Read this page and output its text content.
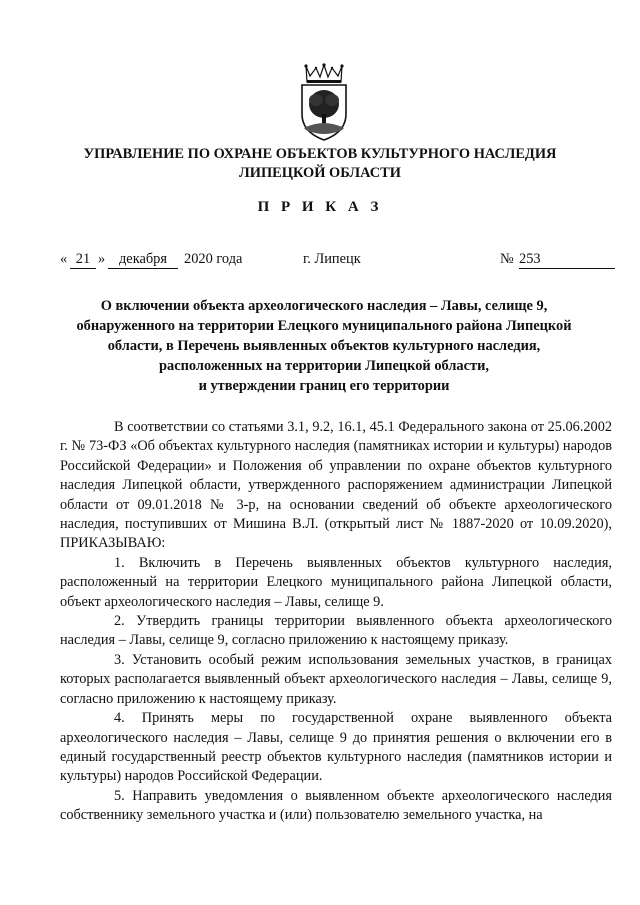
УПРАВЛЕНИЕ ПО ОХРАНЕ ОБЪЕКТОВ КУЛЬТУРНОГО НАСЛЕДИЯ
ЛИПЕЦКОЙ ОБЛАСТИ
П Р И К А З
« 21 » декабря	2020 года	г. Липецк	№ 253
О включении объекта археологического наследия – Лавы, селище 9,
обнаруженного на территории Елецкого муниципального района Липецкой
области, в Перечень выявленных объектов культурного наследия,
расположенных на территории Липецкой области,
и утверждении границ его территории

В соответствии со статьями 3.1, 9.2, 16.1, 45.1 Федерального закона от 25.06.2002 г. № 73-ФЗ «Об объектах культурного наследия (памятниках истории и культуры) народов Российской Федерации» и Положения об управлении по охране объектов культурного наследия Липецкой области, утвержденного распоряжением администрации Липецкой области от 09.01.2018 № 3-р, на основании сведений об объекте археологического наследия, поступивших от Мишина В.Л. (открытый лист № 1887-2020 от 10.09.2020), ПРИКАЗЫВАЮ:

1. Включить в Перечень выявленных объектов культурного наследия, расположенный на территории Елецкого муниципального района Липецкой области, объект археологического наследия – Лавы, селище 9.

2. Утвердить границы территории выявленного объекта археологического наследия – Лавы, селище 9, согласно приложению к настоящему приказу.

3. Установить особый режим использования земельных участков, в границах которых располагается выявленный объект археологического наследия – Лавы, селище 9, согласно приложению к настоящему приказу.

4. Принять меры по государственной охране выявленного объекта археологического наследия – Лавы, селище 9 до принятия решения о включении его в единый государственный реестр объектов культурного наследия (памятников истории и культуры) народов Российской Федерации.

5. Направить уведомления о выявленном объекте археологического наследия собственнику земельного участка и (или) пользователю земельного участка, на
